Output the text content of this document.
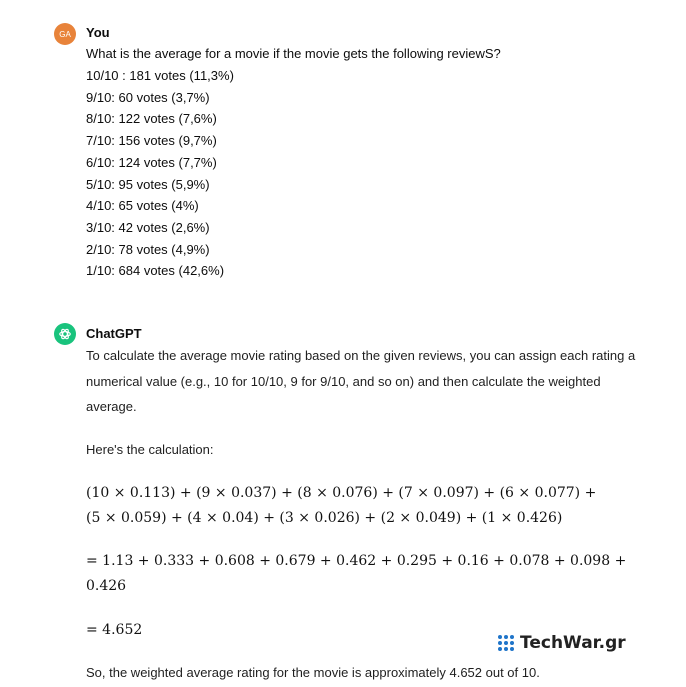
GA You
What is the average for a movie if the movie gets the following reviewS?
10/10 : 181 votes (11,3%)
9/10: 60 votes (3,7%)
8/10: 122 votes (7,6%)
7/10: 156 votes (9,7%)
6/10: 124 votes (7,7%)
5/10: 95 votes (5,9%)
4/10: 65 votes (4%)
3/10: 42 votes (2,6%)
2/10: 78 votes (4,9%)
1/10: 684 votes (42,6%)
ChatGPT
To calculate the average movie rating based on the given reviews, you can assign each rating a numerical value (e.g., 10 for 10/10, 9 for 9/10, and so on) and then calculate the weighted average.
Here's the calculation:
(10 × 0.113) + (9 × 0.037) + (8 × 0.076) + (7 × 0.097) + (6 × 0.077) +
(5 × 0.059) + (4 × 0.04) + (3 × 0.026) + (2 × 0.049) + (1 × 0.426)
= 1.13 + 0.333 + 0.608 + 0.679 + 0.462 + 0.295 + 0.16 + 0.078 + 0.098 +
0.426
= 4.652
So, the weighted average rating for the movie is approximately 4.652 out of 10.
TechWar.gr
